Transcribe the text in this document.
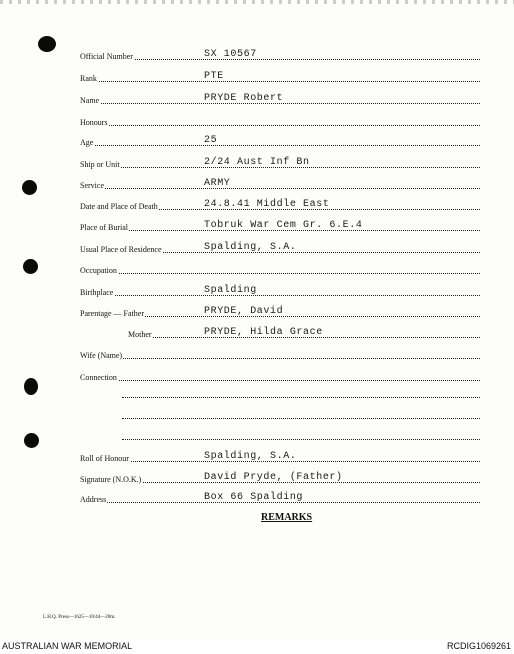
Official Number	SX 10567
Rank	PTE
Name	PRYDE Robert
Honours
Age	25
Ship or Unit	2/24 Aust Inf Bn
Service	ARMY
Date and Place of Death	24.8.41 Middle East
Place of Burial	Tobruk War Cem Gr. 6.E.4
Usual Place of Residence	Spalding, S.A.
Occupation
Birthplace	Spalding
Parentage — Father	PRYDE, David
Mother	PRYDE, Hilda Grace
Wife (Name)
Connection
Roll of Honour	Spalding, S.A.
Signature (N.O.K.)	David Pryde, (Father)
Address	Box 66 Spalding
REMARKS
L.H.Q. Press—1625—10/44—20m.
AUSTRALIAN WAR MEMORIAL	RCDIG1069261
